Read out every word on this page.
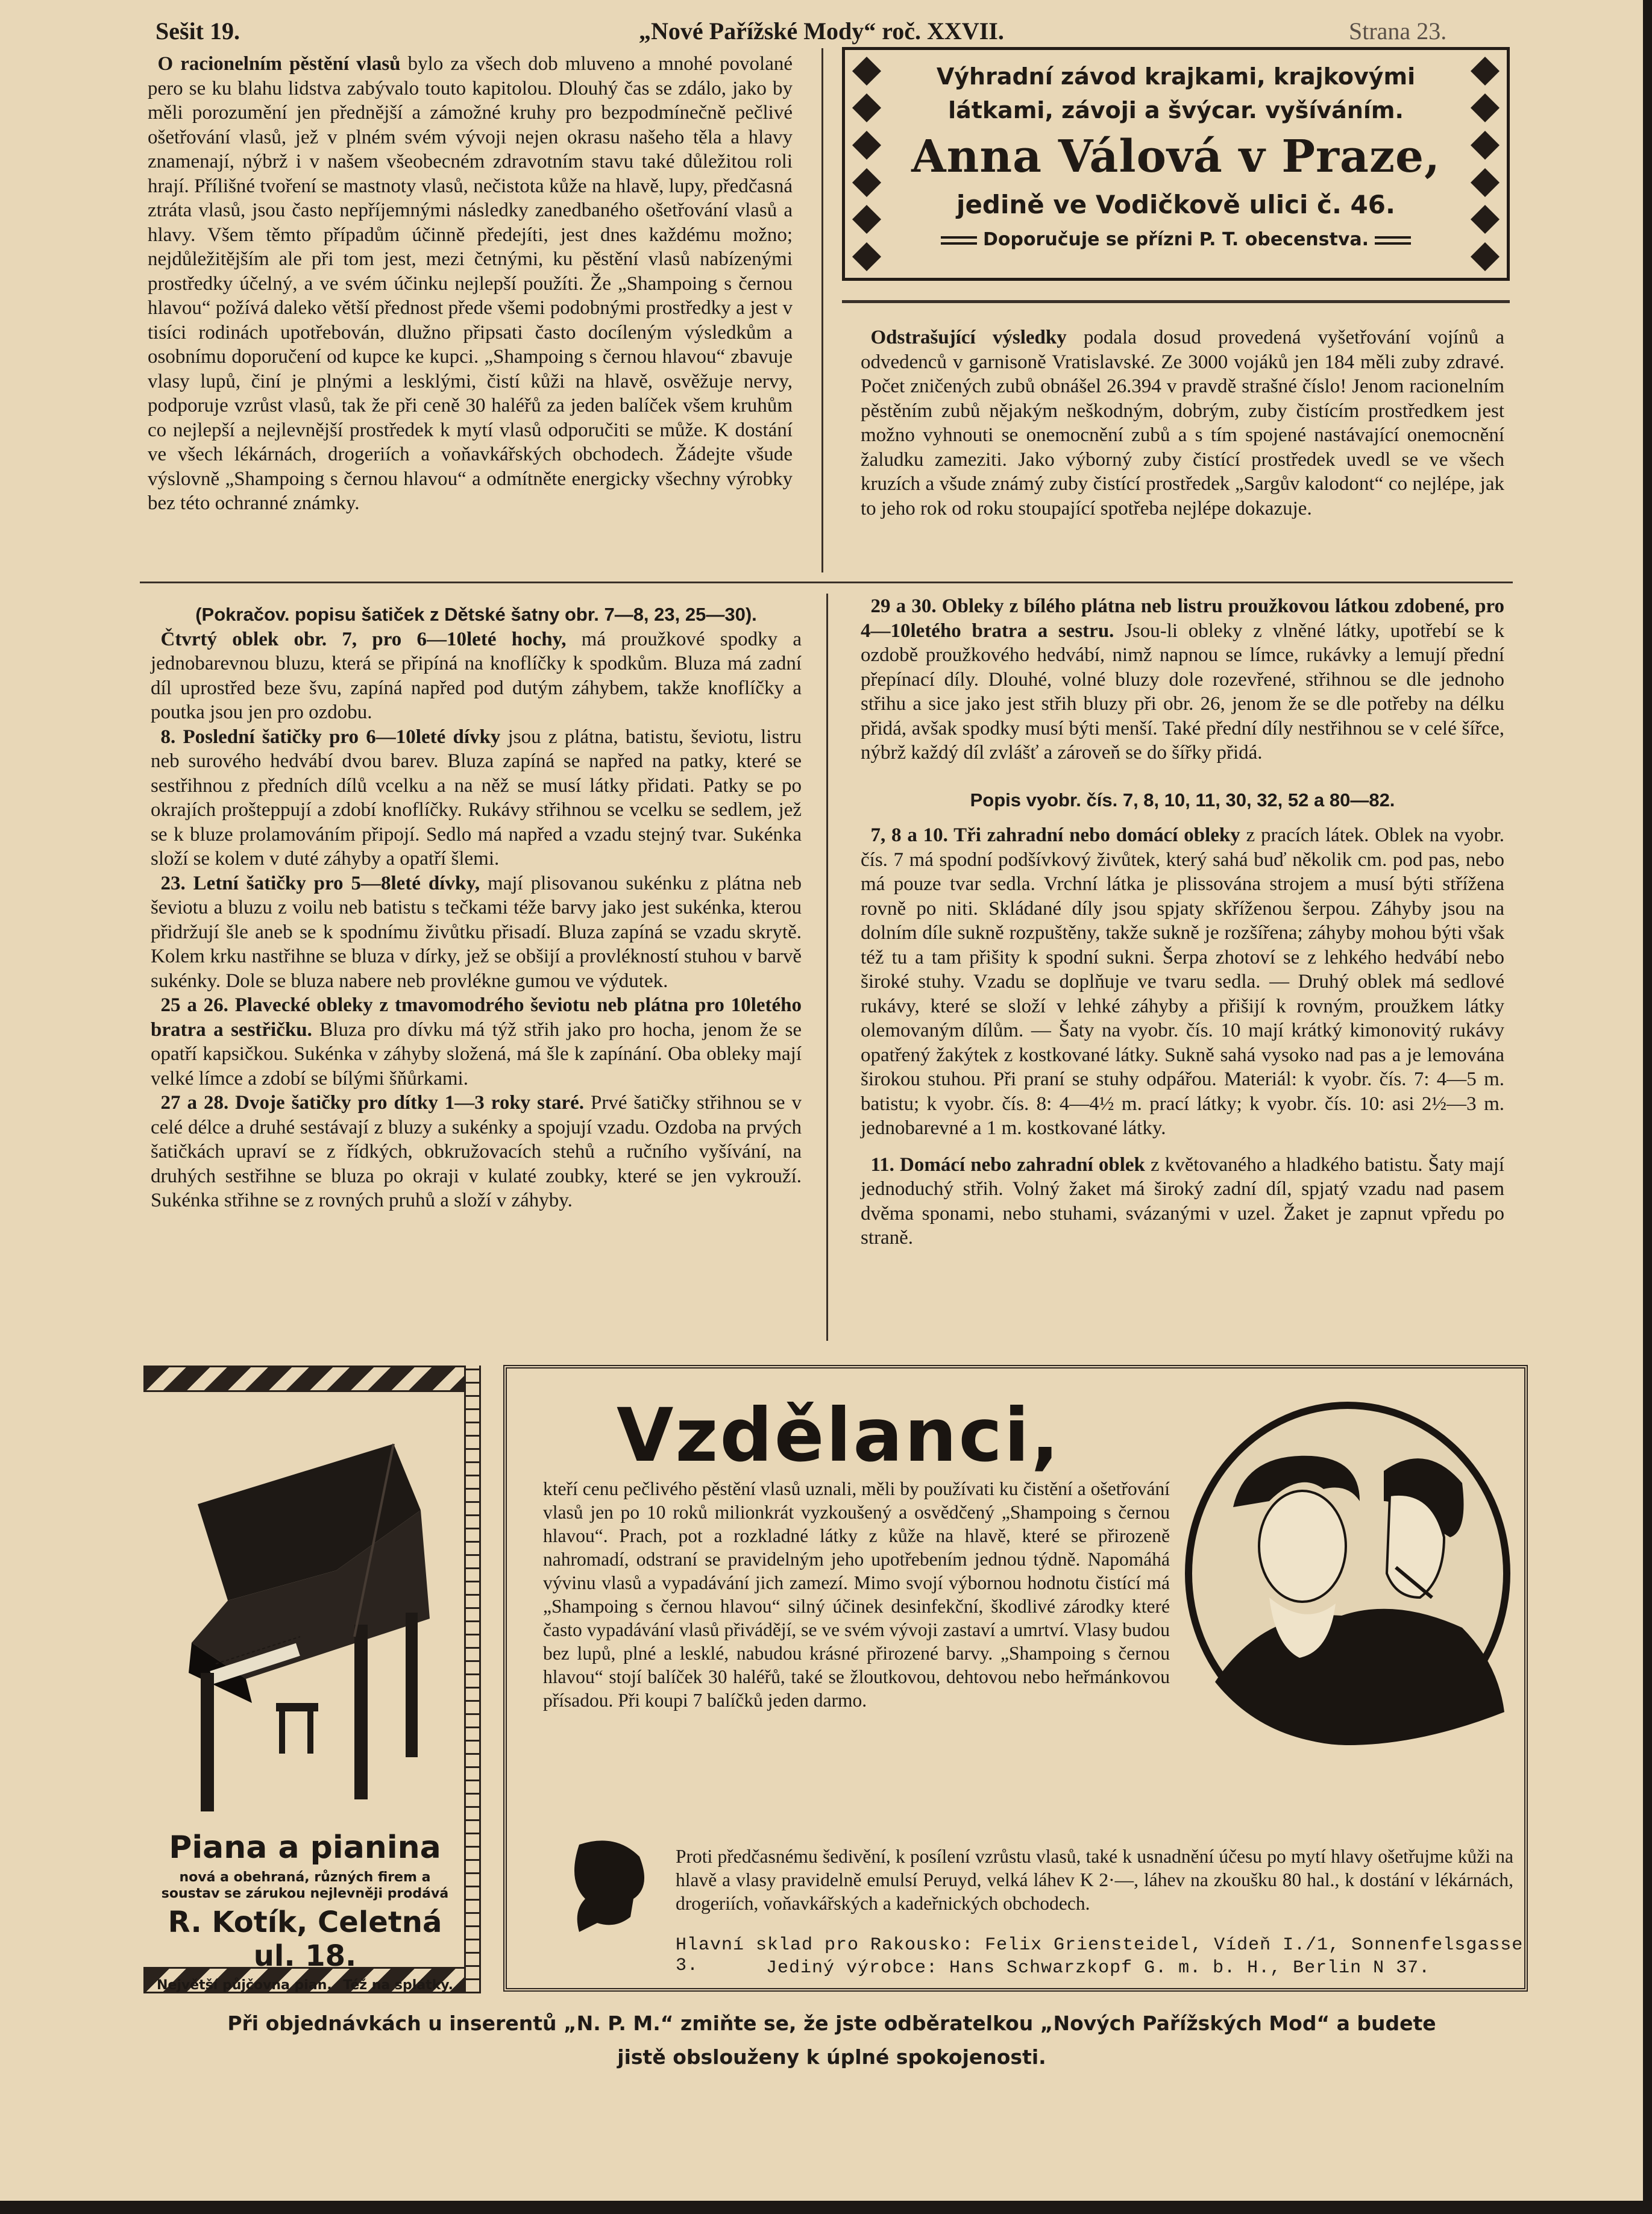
Sešit 19.	„Nové Pařížské Mody“ roč. XXVII.	Strana 23.

O racionelním pěstění vlasů bylo za všech dob mluveno a mnohé povolané pero se ku blahu lidstva zabývalo touto kapitolou. Dlouhý čas se zdálo, jako by měli porozumění jen přednější a zámožné kruhy pro bezpodmínečně pečlivé ošetřování vlasů, jež v plném svém vývoji nejen okrasu našeho těla a hlavy znamenají, nýbrž i v našem všeobecném zdravotním stavu také důležitou roli hrají. Přílišné tvoření se mastnoty vlasů, nečistota kůže na hlavě, lupy, předčasná ztráta vlasů, jsou často nepříjemnými následky zanedbaného ošetřování vlasů a hlavy. Všem těmto případům účinně předejíti, jest dnes každému možno; nejdůležitějším ale při tom jest, mezi četnými, ku pěstění vlasů nabízenými prostředky účelný, a ve svém účinku nejlepší použíti. Že „Shampoing s černou hlavou“ požívá daleko větší přednost přede všemi podobnými prostředky a jest v tisíci rodinách upotřebován, dlužno připsati často docíleným výsledkům a osobnímu doporučení od kupce ke kupci. „Shampoing s černou hlavou“ zbavuje vlasy lupů, činí je plnými a lesklými, čistí kůži na hlavě, osvěžuje nervy, podporuje vzrůst vlasů, tak že při ceně 30 haléřů za jeden balíček všem kruhům co nejlepší a nejlevnější prostředek k mytí vlasů odporučiti se může. K dostání ve všech lékárnách, drogeriích a voňavkářských obchodech. Žádejte všude výslovně „Shampoing s černou hlavou“ a odmítněte energicky všechny výrobky bez této ochranné známky.

Výhradní závod krajkami, krajkovými
látkami, závoji a švýcar. vyšíváním.
Anna Válová v Praze,
jedině ve Vodičkově ulici č. 46.
Doporučuje se přízni P. T. obecenstva.

Odstrašující výsledky podala dosud provedená vyšetřování vojínů a odvedenců v garnisoně Vratislavské. Ze 3000 vojáků jen 184 měli zuby zdravé. Počet zničených zubů obnášel 26.394 v pravdě strašné číslo! Jenom racionelním pěstěním zubů nějakým neškodným, dobrým, zuby čistícím prostředkem jest možno vyhnouti se onemocnění zubů a s tím spojené nastávající onemocnění žaludku zameziti. Jako výborný zuby čistící prostředek uvedl se ve všech kruzích a všude známý zuby čistící prostředek „Sargův kalodont“ co nejlépe, jak to jeho rok od roku stoupající spotřeba nejlépe dokazuje.

(Pokračov. popisu šatiček z Dětské šatny obr. 7—8, 23, 25—30).

Čtvrtý oblek obr. 7, pro 6—10leté hochy, má proužkové spodky a jednobarevnou bluzu, která se připíná na knoflíčky k spodkům. Bluza má zadní díl uprostřed beze švu, zapíná napřed pod dutým záhybem, takže knoflíčky a poutka jsou jen pro ozdobu.

8. Poslední šatičky pro 6—10leté dívky jsou z plátna, batistu, ševiotu, listru neb surového hedvábí dvou barev. Bluza zapíná se napřed na patky, které se sestřihnou z předních dílů vcelku a na něž se musí látky přidati. Patky se po okrajích prošteppují a zdobí knoflíčky. Rukávy střihnou se vcelku se sedlem, jež se k bluze prolamováním připojí. Sedlo má napřed a vzadu stejný tvar. Sukénka složí se kolem v duté záhyby a opatří šlemi.

23. Letní šatičky pro 5—8leté dívky, mají plisovanou sukénku z plátna neb ševiotu a bluzu z voilu neb batistu s tečkami téže barvy jako jest sukénka, kterou přidržují šle aneb se k spodnímu živůtku přisadí. Bluza zapíná se vzadu skrytě. Kolem krku nastřihne se bluza v dírky, jež se obšijí a provlékností stuhou v barvě sukénky. Dole se bluza nabere neb provlékne gumou ve výdutek.

25 a 26. Plavecké obleky z tmavomodrého ševiotu neb plátna pro 10letého bratra a sestřičku. Bluza pro dívku má týž střih jako pro hocha, jenom že se opatří kapsičkou. Sukénka v záhyby složená, má šle k zapínání. Oba obleky mají velké límce a zdobí se bílými šňůrkami.

27 a 28. Dvoje šatičky pro dítky 1—3 roky staré. Prvé šatičky střihnou se v celé délce a druhé sestávají z bluzy a sukénky a spojují vzadu. Ozdoba na prvých šatičkách upraví se z řídkých, obkružovacích stehů a ručního vyšívání, na druhých sestřihne se bluza po okraji v kulaté zoubky, které se jen vykrouží. Sukénka střihne se z rovných pruhů a složí v záhyby.

29 a 30. Obleky z bílého plátna neb listru proužkovou látkou zdobené, pro 4—10letého bratra a sestru. Jsou-li obleky z vlněné látky, upotřebí se k ozdobě proužkového hedvábí, nimž napnou se límce, rukávky a lemují přední přepínací díly. Dlouhé, volné bluzy dole rozevřené, střihnou se dle jednoho střihu a sice jako jest střih bluzy při obr. 26, jenom že se dle potřeby na délku přidá, avšak spodky musí býti menší. Také přední díly nestřihnou se v celé šířce, nýbrž každý díl zvlášť a zároveň se do šířky přidá.

Popis vyobr. čís. 7, 8, 10, 11, 30, 32, 52 a 80—82.

7, 8 a 10. Tři zahradní nebo domácí obleky z pracích látek. Oblek na vyobr. čís. 7 má spodní podšívkový živůtek, který sahá buď několik cm. pod pas, nebo má pouze tvar sedla. Vrchní látka je plissována strojem a musí býti střížena rovně po niti. Skládané díly jsou spjaty skříženou šerpou. Záhyby jsou na dolním díle sukně rozpuštěny, takže sukně je rozšířena; záhyby mohou býti však též tu a tam přišity k spodní sukni. Šerpa zhotoví se z lehkého hedvábí nebo široké stuhy. Vzadu se doplňuje ve tvaru sedla. — Druhý oblek má sedlové rukávy, které se složí v lehké záhyby a přišijí k rovným, proužkem látky olemovaným dílům. — Šaty na vyobr. čís. 10 mají krátký kimonovitý rukávy opatřený žakýtek z kostkované látky. Sukně sahá vysoko nad pas a je lemována širokou stuhou. Při praní se stuhy odpářou. Materiál: k vyobr. čís. 7: 4—5 m. batistu; k vyobr. čís. 8: 4—4½ m. prací látky; k vyobr. čís. 10: asi 2½—3 m. jednobarevné a 1 m. kostkované látky.

11. Domácí nebo zahradní oblek z květovaného a hladkého batistu. Šaty mají jednoduchý střih. Volný žaket má široký zadní díl, spjatý vzadu nad pasem dvěma sponami, nebo stuhami, svázanými v uzel. Žaket je zapnut vpředu po straně.

Piana a pianina
nová a obehraná, různých firem a soustav se zárukou nejlevněji prodává
R. Kotík, Celetná ul. 18.
Největší půjčovna pian. Též na splátky.
Vzdělanci,
kteří cenu pečlivého pěstění vlasů uznali, měli by používati ku čistění a ošetřování vlasů jen po 10 roků milionkrát vyzkoušený a osvědčený „Shampoing s černou hlavou“. Prach, pot a rozkladné látky z kůže na hlavě, které se přirozeně nahromadí, odstraní se pravidelným jeho upotřebením jednou týdně. Napomáhá vývinu vlasů a vypadávání jich zamezí. Mimo svojí výbornou hodnotu čistící má „Shampoing s černou hlavou“ silný účinek desinfekční, škodlivé zárodky které často vypadávání vlasů přivádějí, se ve svém vývoji zastaví a umrtví. Vlasy budou bez lupů, plné a lesklé, nabudou krásné přirozené barvy. „Shampoing s černou hlavou“ stojí balíček 30 haléřů, také se žloutkovou, dehtovou nebo heřmánkovou přísadou. Při koupi 7 balíčků jeden darmo.
Proti předčasnému šedivění, k posílení vzrůstu vlasů, také k usnadnění účesu po mytí hlavy ošetřujme kůži na hlavě a vlasy pravidelně emulsí Peruyd, velká láhev K 2·—, láhev na zkoušku 80 hal., k dostání v lékárnách, drogeriích, voňavkářských a kadeřnických obchodech.
Hlavní sklad pro Rakousko: Felix Griensteidel, Vídeň I./1, Sonnenfelsgasse 3.	Jediný výrobce: Hans Schwarzkopf G. m. b. H., Berlin N 37.
Při objednávkách u inserentů „N. P. M.“ zmiňte se, že jste odběratelkou „Nových Pařížských Mod“ a budete
jistě obslouženy k úplné spokojenosti.
